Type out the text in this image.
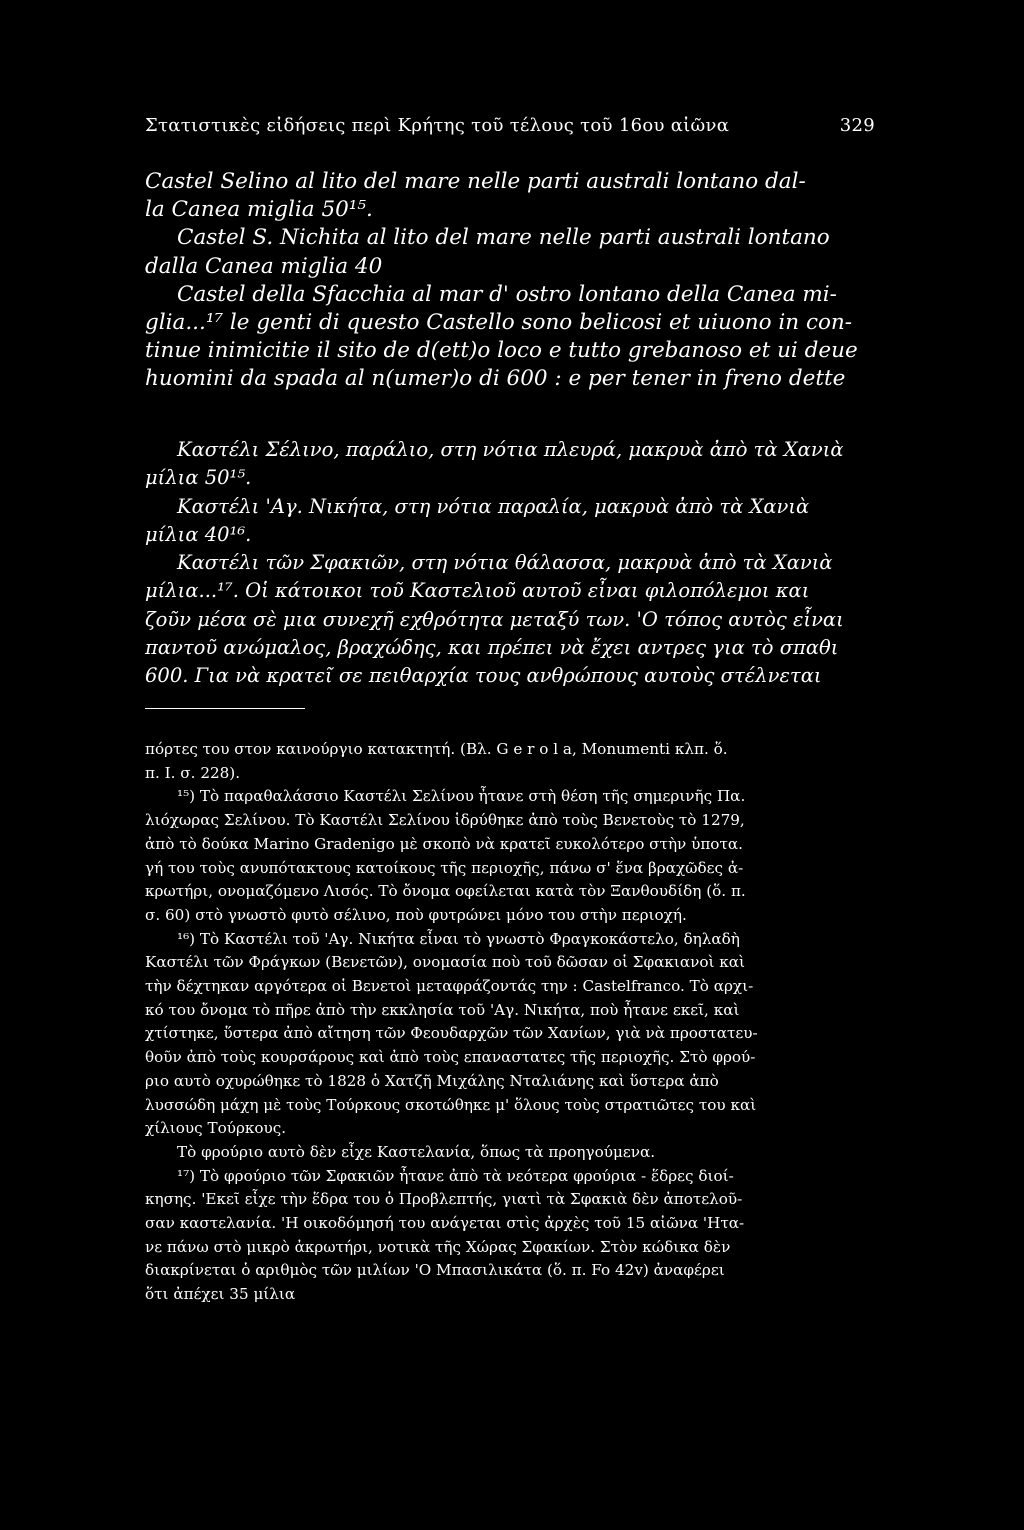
Στατιστικὲς εἰδήσεις περὶ Κρήτης τοῦ τέλους τοῦ 16ου αἰῶνα	329
Castel Selino al lito del mare nelle parti australi lontano dal-
la Canea miglia 50¹⁵.
Castel S. Nichita al lito del mare nelle parti australi lontano
dalla Canea miglia 40
Castel della Sfacchia al mar d' ostro lontano della Canea mi-
glia...¹⁷ le genti di questo Castello sono belicosi et uiuono in con-
tinue inimicitie il sito de d(ett)o loco e tutto grebanoso et ui deue
huomini da spada al n(umer)o di 600 : e per tener in freno dette
Καστέλι Σέλινο, παράλιο, στη νότια πλευρά, μακρυὰ ἀπὸ τὰ Χανιὰ
μίλια 50¹⁵.
Καστέλι 'Αγ. Νικήτα, στη νότια παραλία, μακρυὰ ἀπὸ τὰ Χανιὰ
μίλια 40¹⁶.
Καστέλι τῶν Σφακιῶν, στη νότια θάλασσα, μακρυὰ ἀπὸ τὰ Χανιὰ
μίλια...¹⁷. Οἱ κάτοικοι τοῦ Καστελιοῦ αυτοῦ εἶναι φιλοπόλεμοι και
ζοῦν μέσα σὲ μια συνεχῆ εχθρότητα μεταξύ των. 'Ο τόπος αυτὸς εἶναι
παντοῦ ανώμαλος, βραχώδης, και πρέπει νὰ ἔχει αντρες για τὸ σπαθι
600. Για νὰ κρατεῖ σε πειθαρχία τους ανθρώπους αυτοὺς στέλνεται
πόρτες του στον καινούργιο κατακτητή. (Βλ. G e r o l a, Monumenti κλπ. ὅ.
π. Ι. σ. 228).
¹⁵) Τὸ παραθαλάσσιο Καστέλι Σελίνου ἦτανε στὴ θέση τῆς σημερινῆς Πα.
λιόχωρας Σελίνου. Τὸ Καστέλι Σελίνου ἱδρύθηκε ἀπὸ τοὺς Βενετοὺς τὸ 1279,
ἀπὸ τὸ δούκα Marino Gradenigo μὲ σκοπὸ νὰ κρατεῖ ευκολότερο στὴν ὑποτα.
γή του τοὺς ανυπότακτους κατοίκους τῆς περιοχῆς, πάνω σ' ἕνα βραχῶδες ἀ-
κρωτήρι, ονομαζόμενο Λισός. Τὸ ὄνομα οφείλεται κατὰ τὸν Ξανθουδίδη (ὅ. π.
σ. 60) στὸ γνωστὸ φυτὸ σέλινο, ποὺ φυτρώνει μόνο του στὴν περιοχή.
¹⁶) Τὸ Καστέλι τοῦ 'Αγ. Νικήτα εἶναι τὸ γνωστὸ Φραγκοκάστελο, δηλαδὴ
Καστέλι τῶν Φράγκων (Βενετῶν), ονομασία ποὺ τοῦ δῶσαν οἱ Σφακιανοὶ καὶ
τὴν δέχτηκαν αργότερα οἱ Βενετοὶ μεταφράζοντάς την : Castelfranco. Τὸ αρχι-
κό του ὄνομα τὸ πῆρε ἀπὸ τὴν εκκλησία τοῦ 'Αγ. Νικήτα, ποὺ ἦτανε εκεῖ, καὶ
χτίστηκε, ὕστερα ἀπὸ αἴτηση τῶν Φεουδαρχῶν τῶν Χανίων, γιὰ νὰ προστατευ-
θοῦν ἀπὸ τοὺς κουρσάρους καὶ ἀπὸ τοὺς επαναστατες τῆς περιοχῆς. Στὸ φρού-
ριο αυτὸ οχυρώθηκε τὸ 1828 ὁ Χατζῆ Μιχάλης Νταλιάνης καὶ ὕστερα ἀπὸ
λυσσώδη μάχη μὲ τοὺς Τούρκους σκοτώθηκε μ' ὅλους τοὺς στρατιῶτες του καὶ
χίλιους Τούρκους.
Τὸ φρούριο αυτὸ δὲν εἶχε Καστελανία, ὅπως τὰ προηγούμενα.
¹⁷) Τὸ φρούριο τῶν Σφακιῶν ἦτανε ἀπὸ τὰ νεότερα φρούρια - ἕδρες διοί-
κησης. 'Εκεῖ εἶχε τὴν ἕδρα του ὁ Προβλεπτής, γιατὶ τὰ Σφακιὰ δὲν ἀποτελοῦ-
σαν καστελανία. 'Η οικοδόμησή του ανάγεται στὶς ἀρχὲς τοῦ 15 αἰῶνα 'Ητα-
νε πάνω στὸ μικρὸ ἀκρωτήρι, νοτικὰ τῆς Χώρας Σφακίων. Στὸν κώδικα δὲν
διακρίνεται ὁ αριθμὸς τῶν μιλίων 'Ο Μπασιλικάτα (ὅ. π. Fo 42v) ἀναφέρει
ὅτι ἀπέχει 35 μίλια
